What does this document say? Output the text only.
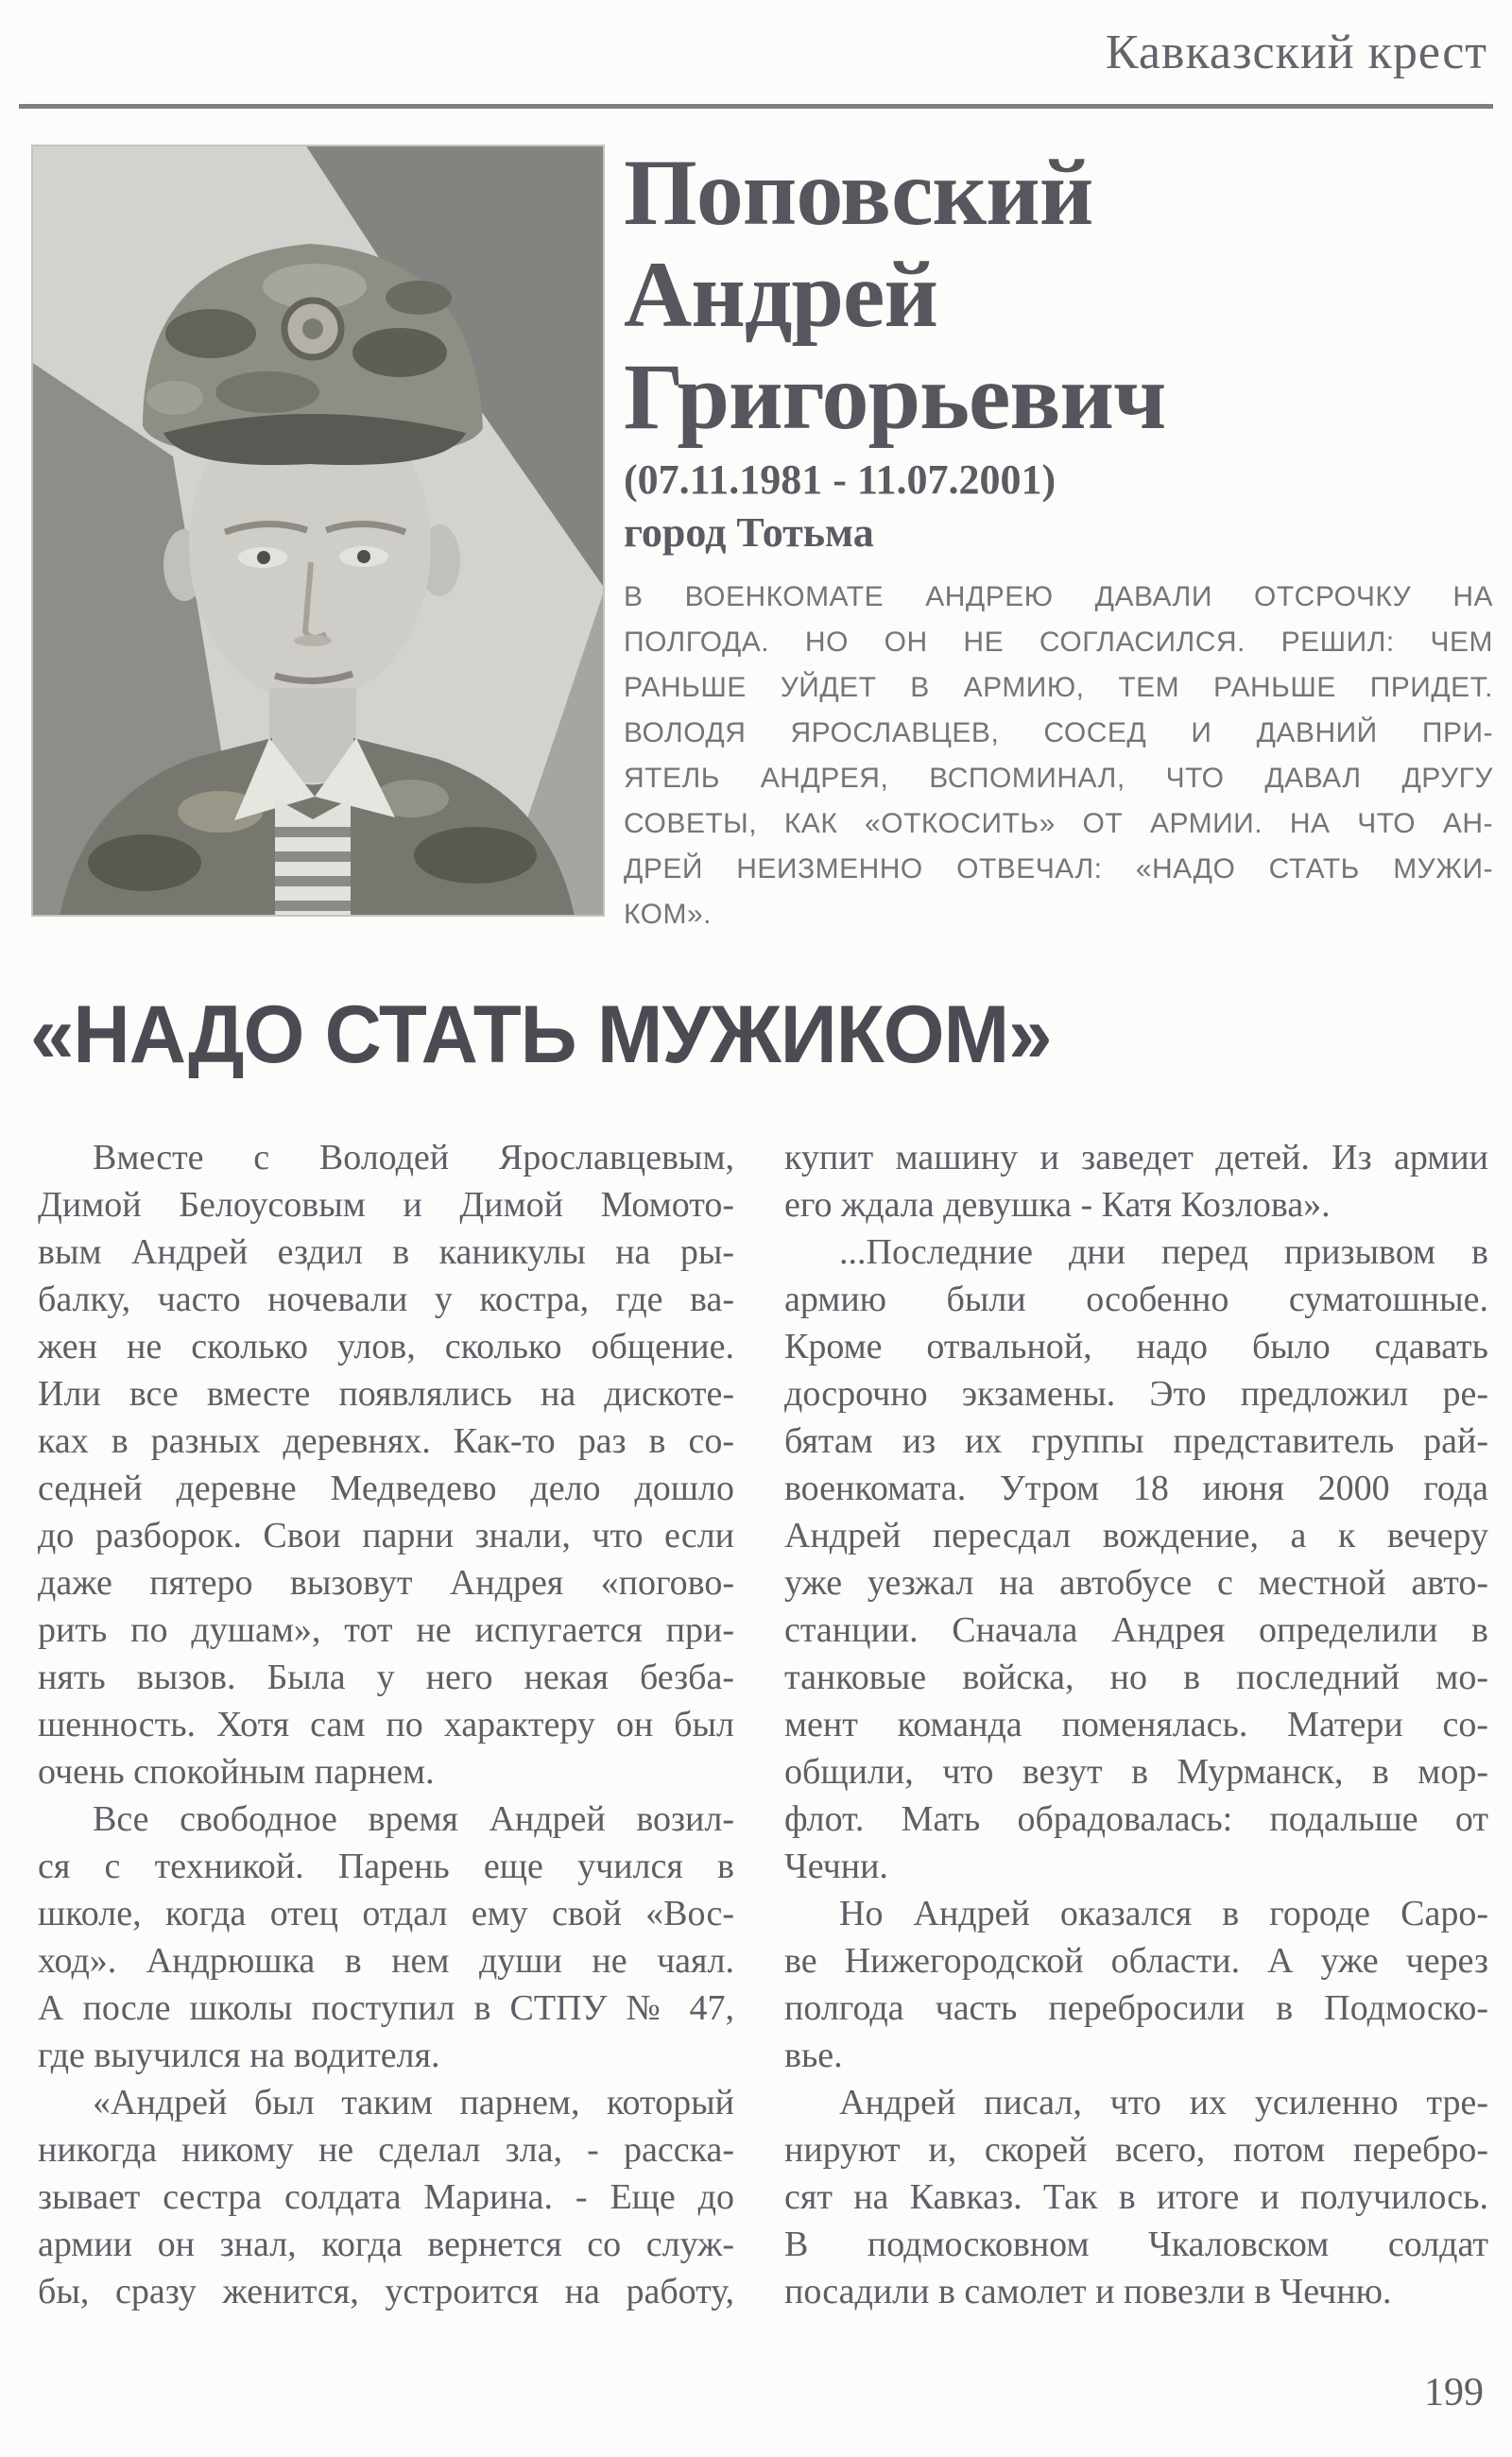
Кавказский крест
Поповский
Андрей
Григорьевич
(07.11.1981 - 11.07.2001)
город Тотьма
В ВОЕНКОМАТЕ АНДРЕЮ ДАВАЛИ ОТСРОЧКУ НА
ПОЛГОДА. НО ОН НЕ СОГЛАСИЛСЯ. РЕШИЛ: ЧЕМ
РАНЬШЕ УЙДЕТ В АРМИЮ, ТЕМ РАНЬШЕ ПРИДЕТ.
ВОЛОДЯ ЯРОСЛАВЦЕВ, СОСЕД И ДАВНИЙ ПРИ-
ЯТЕЛЬ АНДРЕЯ, ВСПОМИНАЛ, ЧТО ДАВАЛ ДРУГУ
СОВЕТЫ, КАК «ОТКОСИТЬ» ОТ АРМИИ. НА ЧТО АН-
ДРЕЙ НЕИЗМЕННО ОТВЕЧАЛ: «НАДО СТАТЬ МУЖИ-
КОМ».
«НАДО СТАТЬ МУЖИКОМ»
Вместе с Володей Ярославцевым,
Димой Белоусовым и Димой Момото-
вым Андрей ездил в каникулы на ры-
балку, часто ночевали у костра, где ва-
жен не сколько улов, сколько общение.
Или все вместе появлялись на дискоте-
ках в разных деревнях. Как-то раз в со-
седней деревне Медведево дело дошло
до разборок. Свои парни знали, что если
даже пятеро вызовут Андрея «погово-
рить по душам», тот не испугается при-
нять вызов. Была у него некая безба-
шенность. Хотя сам по характеру он был
очень спокойным парнем.
Все свободное время Андрей возил-
ся с техникой. Парень еще учился в
школе, когда отец отдал ему свой «Вос-
ход». Андрюшка в нем души не чаял.
А после школы поступил в СТПУ № 47,
где выучился на водителя.
«Андрей был таким парнем, который
никогда никому не сделал зла, - расска-
зывает сестра солдата Марина. - Еще до
армии он знал, когда вернется со служ-
бы, сразу женится, устроится на работу,
купит машину и заведет детей. Из армии
его ждала девушка - Катя Козлова».
...Последние дни перед призывом в
армию были особенно суматошные.
Кроме отвальной, надо было сдавать
досрочно экзамены. Это предложил ре-
бятам из их группы представитель рай-
военкомата. Утром 18 июня 2000 года
Андрей пересдал вождение, а к вечеру
уже уезжал на автобусе с местной авто-
станции. Сначала Андрея определили в
танковые войска, но в последний мо-
мент команда поменялась. Матери со-
общили, что везут в Мурманск, в мор-
флот. Мать обрадовалась: подальше от
Чечни.
Но Андрей оказался в городе Саро-
ве Нижегородской области. А уже через
полгода часть перебросили в Подмоско-
вье.
Андрей писал, что их усиленно тре-
нируют и, скорей всего, потом перебро-
сят на Кавказ. Так в итоге и получилось.
В подмосковном Чкаловском солдат
посадили в самолет и повезли в Чечню.
199
